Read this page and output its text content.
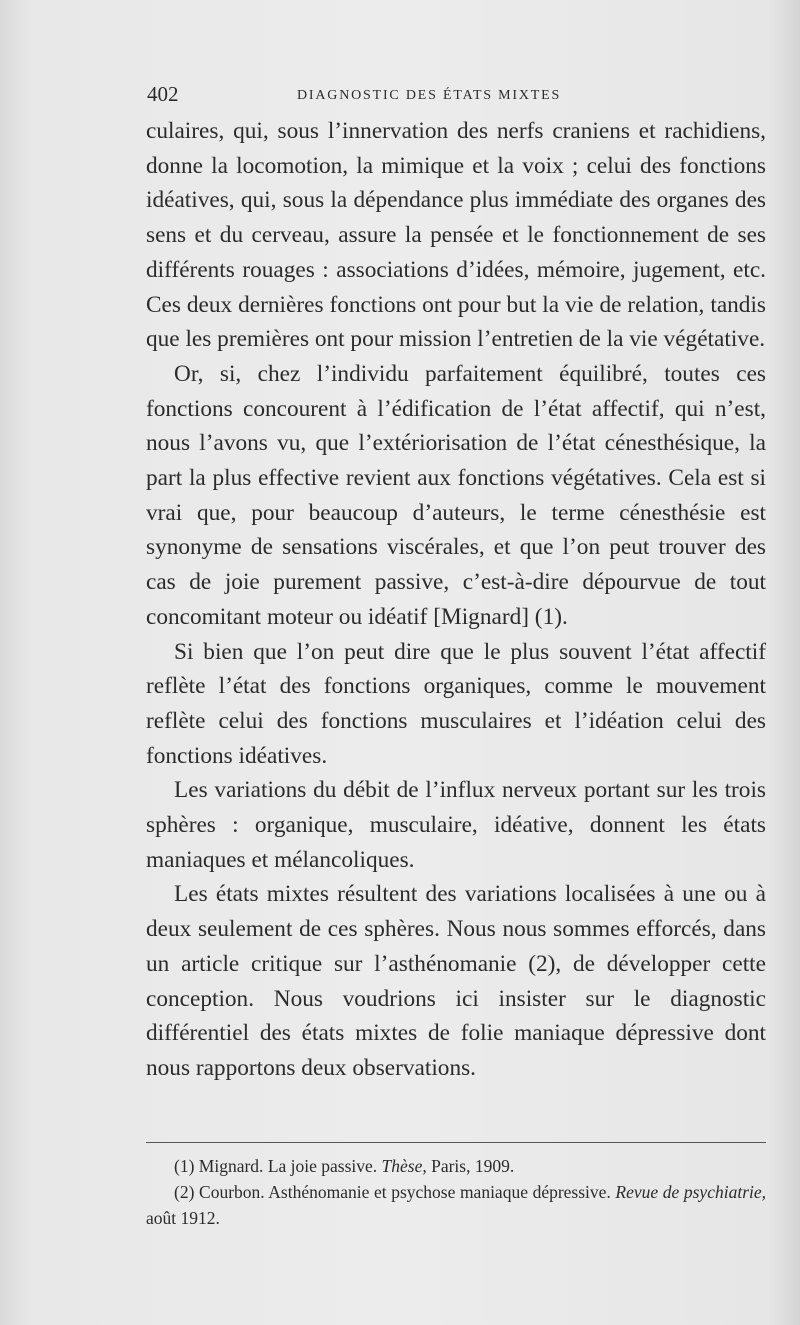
402	DIAGNOSTIC DES ÉTATS MIXTES

culaires, qui, sous l’innervation des nerfs craniens et rachidiens, donne la locomotion, la mimique et la voix ; celui des fonctions idéatives, qui, sous la dépendance plus immédiate des organes des sens et du cerveau, assure la pensée et le fonctionnement de ses différents rouages : associations d’idées, mémoire, jugement, etc. Ces deux dernières fonctions ont pour but la vie de relation, tandis que les premières ont pour mission l’entretien de la vie végétative.

Or, si, chez l’individu parfaitement équilibré, toutes ces fonctions concourent à l’édification de l’état affectif, qui n’est, nous l’avons vu, que l’extériorisation de l’état cénesthésique, la part la plus effective revient aux fonctions végétatives. Cela est si vrai que, pour beaucoup d’auteurs, le terme cénesthésie est synonyme de sensations viscérales, et que l’on peut trouver des cas de joie purement passive, c’est-à-dire dépourvue de tout concomitant moteur ou idéatif [Mignard] (1).

Si bien que l’on peut dire que le plus souvent l’état affectif reflète l’état des fonctions organiques, comme le mouvement reflète celui des fonctions musculaires et l’idéation celui des fonctions idéatives.

Les variations du débit de l’influx nerveux portant sur les trois sphères : organique, musculaire, idéative, donnent les états maniaques et mélancoliques.

Les états mixtes résultent des variations localisées à une ou à deux seulement de ces sphères. Nous nous sommes efforcés, dans un article critique sur l’asthénomanie (2), de développer cette conception. Nous voudrions ici insister sur le diagnostic différentiel des états mixtes de folie maniaque dépressive dont nous rapportons deux observations.

(1) Mignard. La joie passive. Thèse, Paris, 1909.

(2) Courbon. Asthénomanie et psychose maniaque dépressive. Revue de psychiatrie, août 1912.
